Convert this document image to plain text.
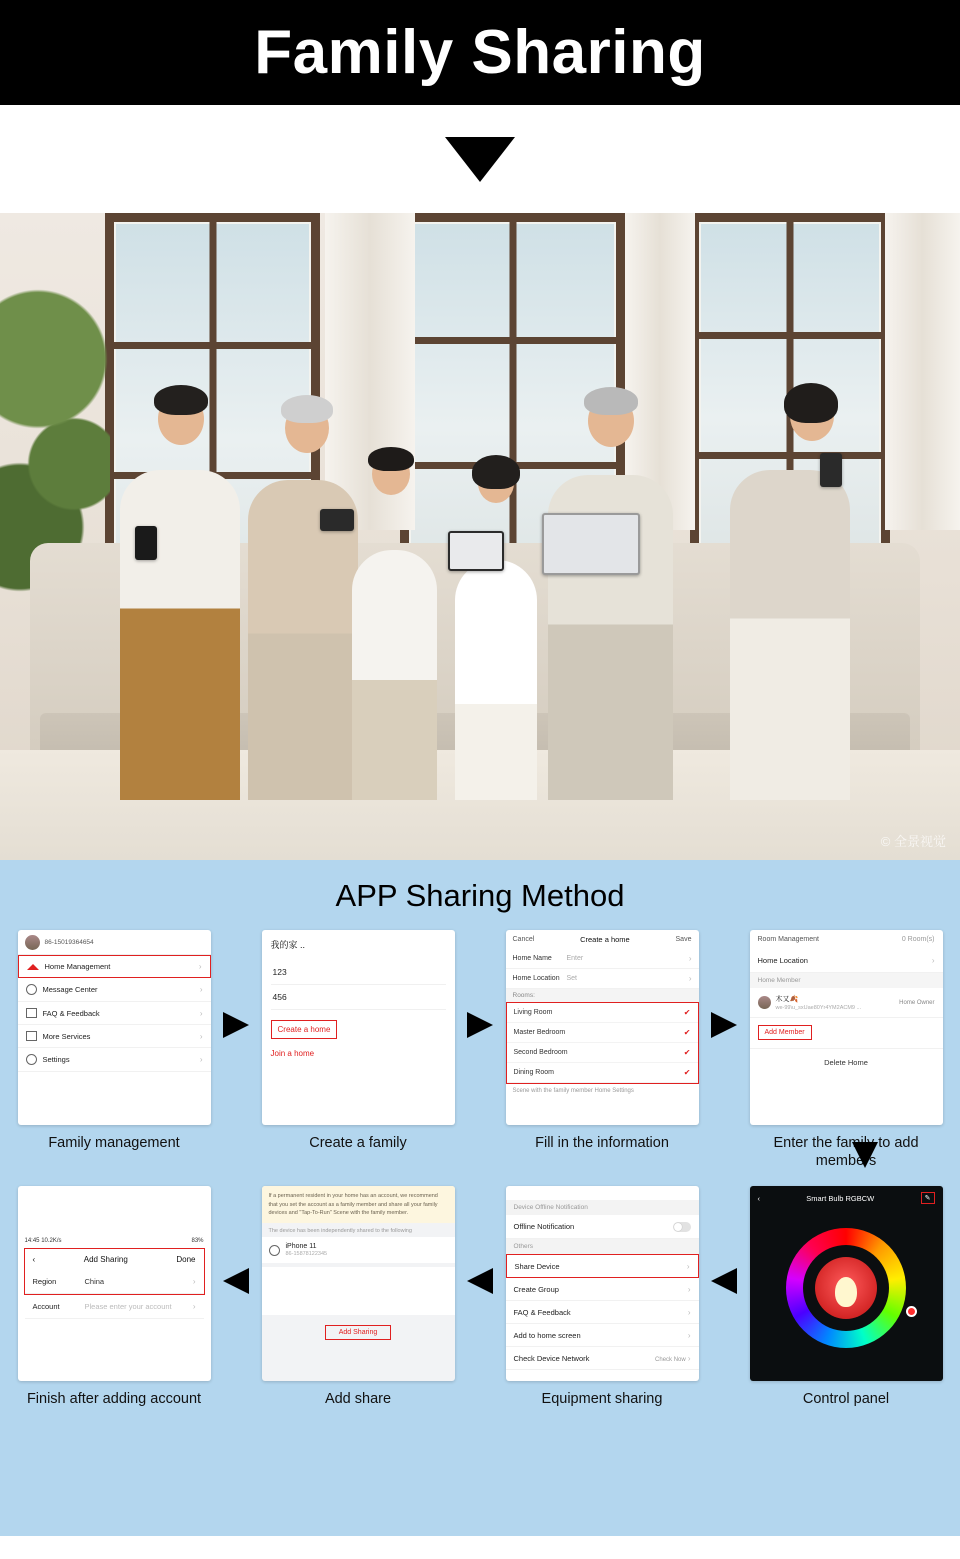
Family Sharing
© 全景视觉
APP Sharing Method
86-15019364654
Home Management	›
Message Center	›
FAQ & Feedback	›
More Services	›
Settings	›
Family management
我的家 ..
123
456
Create a home
Join a home
Create a family
Cancel	Create a home	Save
Home Name	Enter	›
Home Location Set	›
Rooms:
Living Room	✔
Master Bedroom	✔
Second Bedroom	✔
Dining Room	✔
Scene with the family member Home Settings
Fill in the information
Room Management	0 Room(s)
Home Location	›
Home Member
木又🍂
we-99\u_sxUae80Yr4YM2ACM9 ...
Home Owner
Add Member
Delete Home
Enter the family to add members
14:45 10.2K/s	83%
‹	Add Sharing	Done
Region	China	›
Account	Please enter your account	›
Finish after adding account
If a permanent resident in your home has an account, we recommend that you set the account as a family member and share all your family devices and "Tap-To-Run" Scene with the family member.
The device has been independently shared to the following
iPhone 11
86-15878122345
Add Sharing
Add share
Device Offline Notification
Offline Notification
Others
Share Device	›
Create Group	›
FAQ & Feedback	›
Add to home screen	›
Check Device Network	Check Now ›
Equipment sharing
‹	Smart Bulb RGBCW	✎
Control panel
